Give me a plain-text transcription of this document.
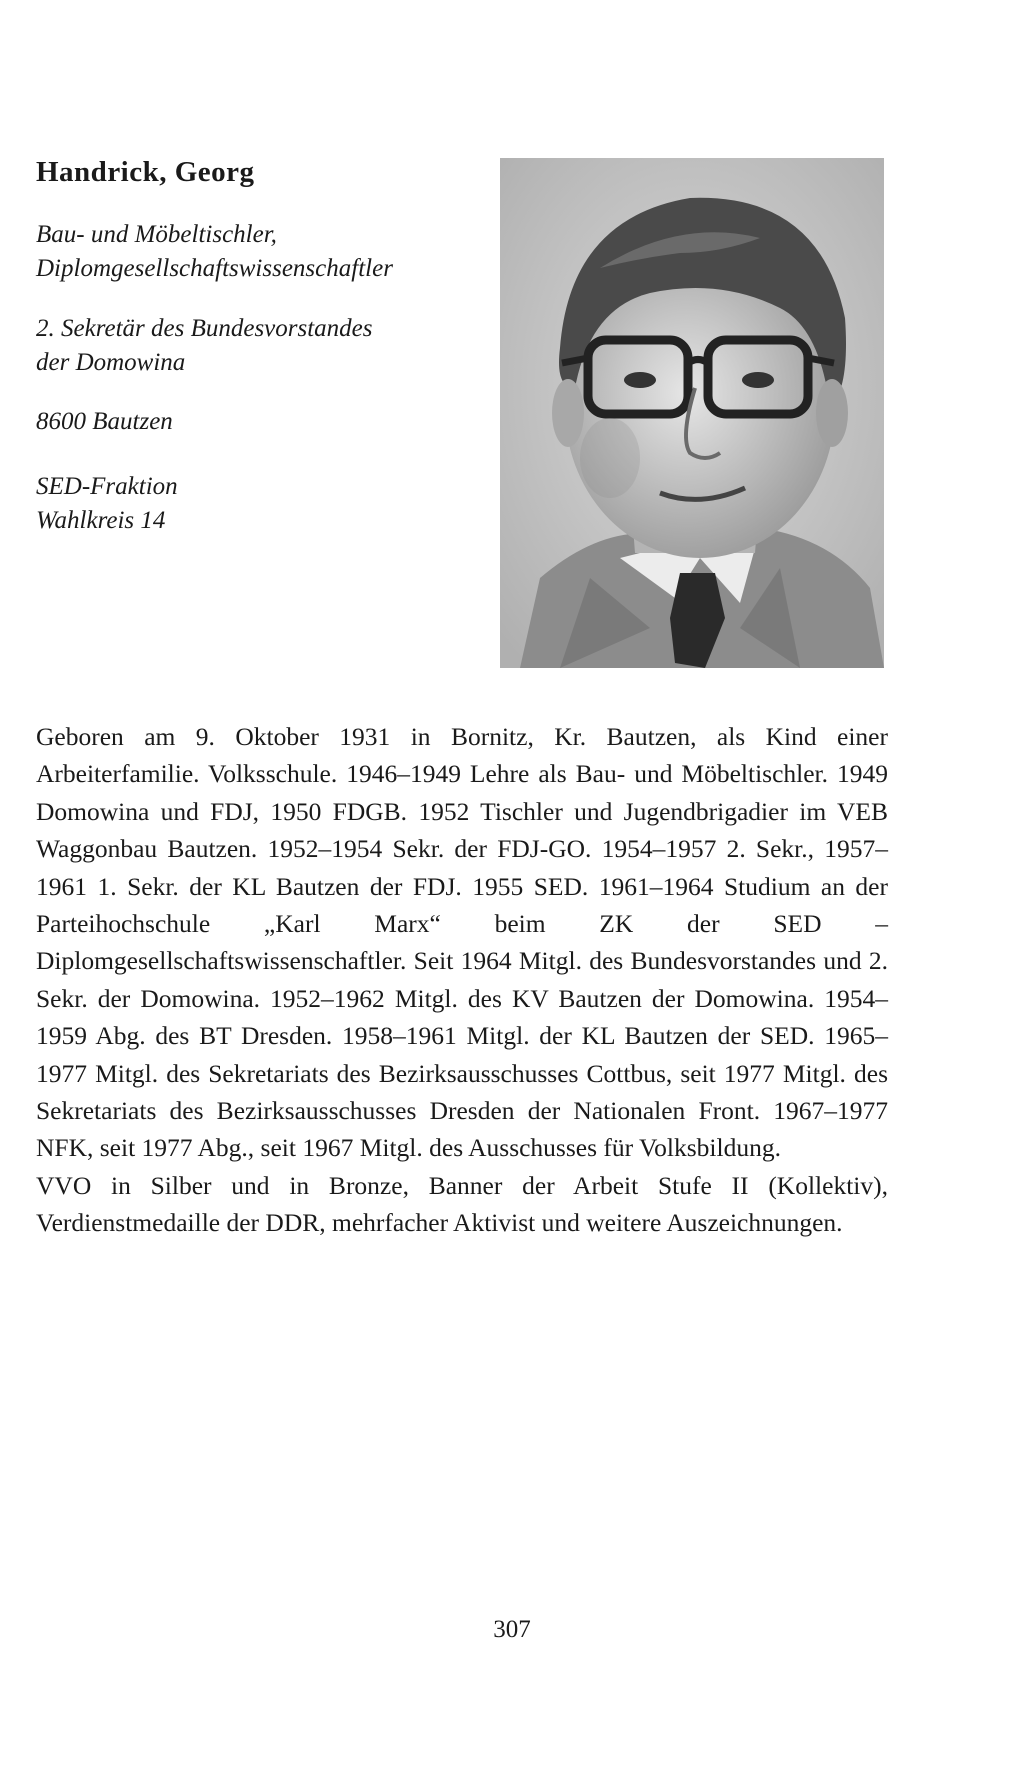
Handrick, Georg
Bau- und Möbeltischler,
Diplomgesellschaftswissenschaftler
2. Sekretär des Bundesvorstandes
der Domowina
8600 Bautzen
SED-Fraktion
Wahlkreis 14

Geboren am 9. Oktober 1931 in Bornitz, Kr. Bautzen, als Kind einer Arbeiterfamilie. Volksschule. 1946–1949 Lehre als Bau- und Möbeltischler. 1949 Domowina und FDJ, 1950 FDGB. 1952 Tischler und Jugendbrigadier im VEB Waggonbau Bautzen. 1952–1954 Sekr. der FDJ-GO. 1954–1957 2. Sekr., 1957–1961 1. Sekr. der KL Bautzen der FDJ. 1955 SED. 1961–1964 Studium an der Parteihochschule „Karl Marx“ beim ZK der SED – Diplomgesellschaftswissenschaftler. Seit 1964 Mitgl. des Bundesvorstandes und 2. Sekr. der Domowina. 1952–1962 Mitgl. des KV Bautzen der Domowina. 1954–1959 Abg. des BT Dresden. 1958–1961 Mitgl. der KL Bautzen der SED. 1965–1977 Mitgl. des Sekretariats des Bezirksausschusses Cottbus, seit 1977 Mitgl. des Sekretariats des Bezirksausschusses Dresden der Nationalen Front. 1967–1977 NFK, seit 1977 Abg., seit 1967 Mitgl. des Ausschusses für Volksbildung.

VVO in Silber und in Bronze, Banner der Arbeit Stufe II (Kollektiv), Verdienstmedaille der DDR, mehrfacher Aktivist und weitere Auszeichnungen.

307
